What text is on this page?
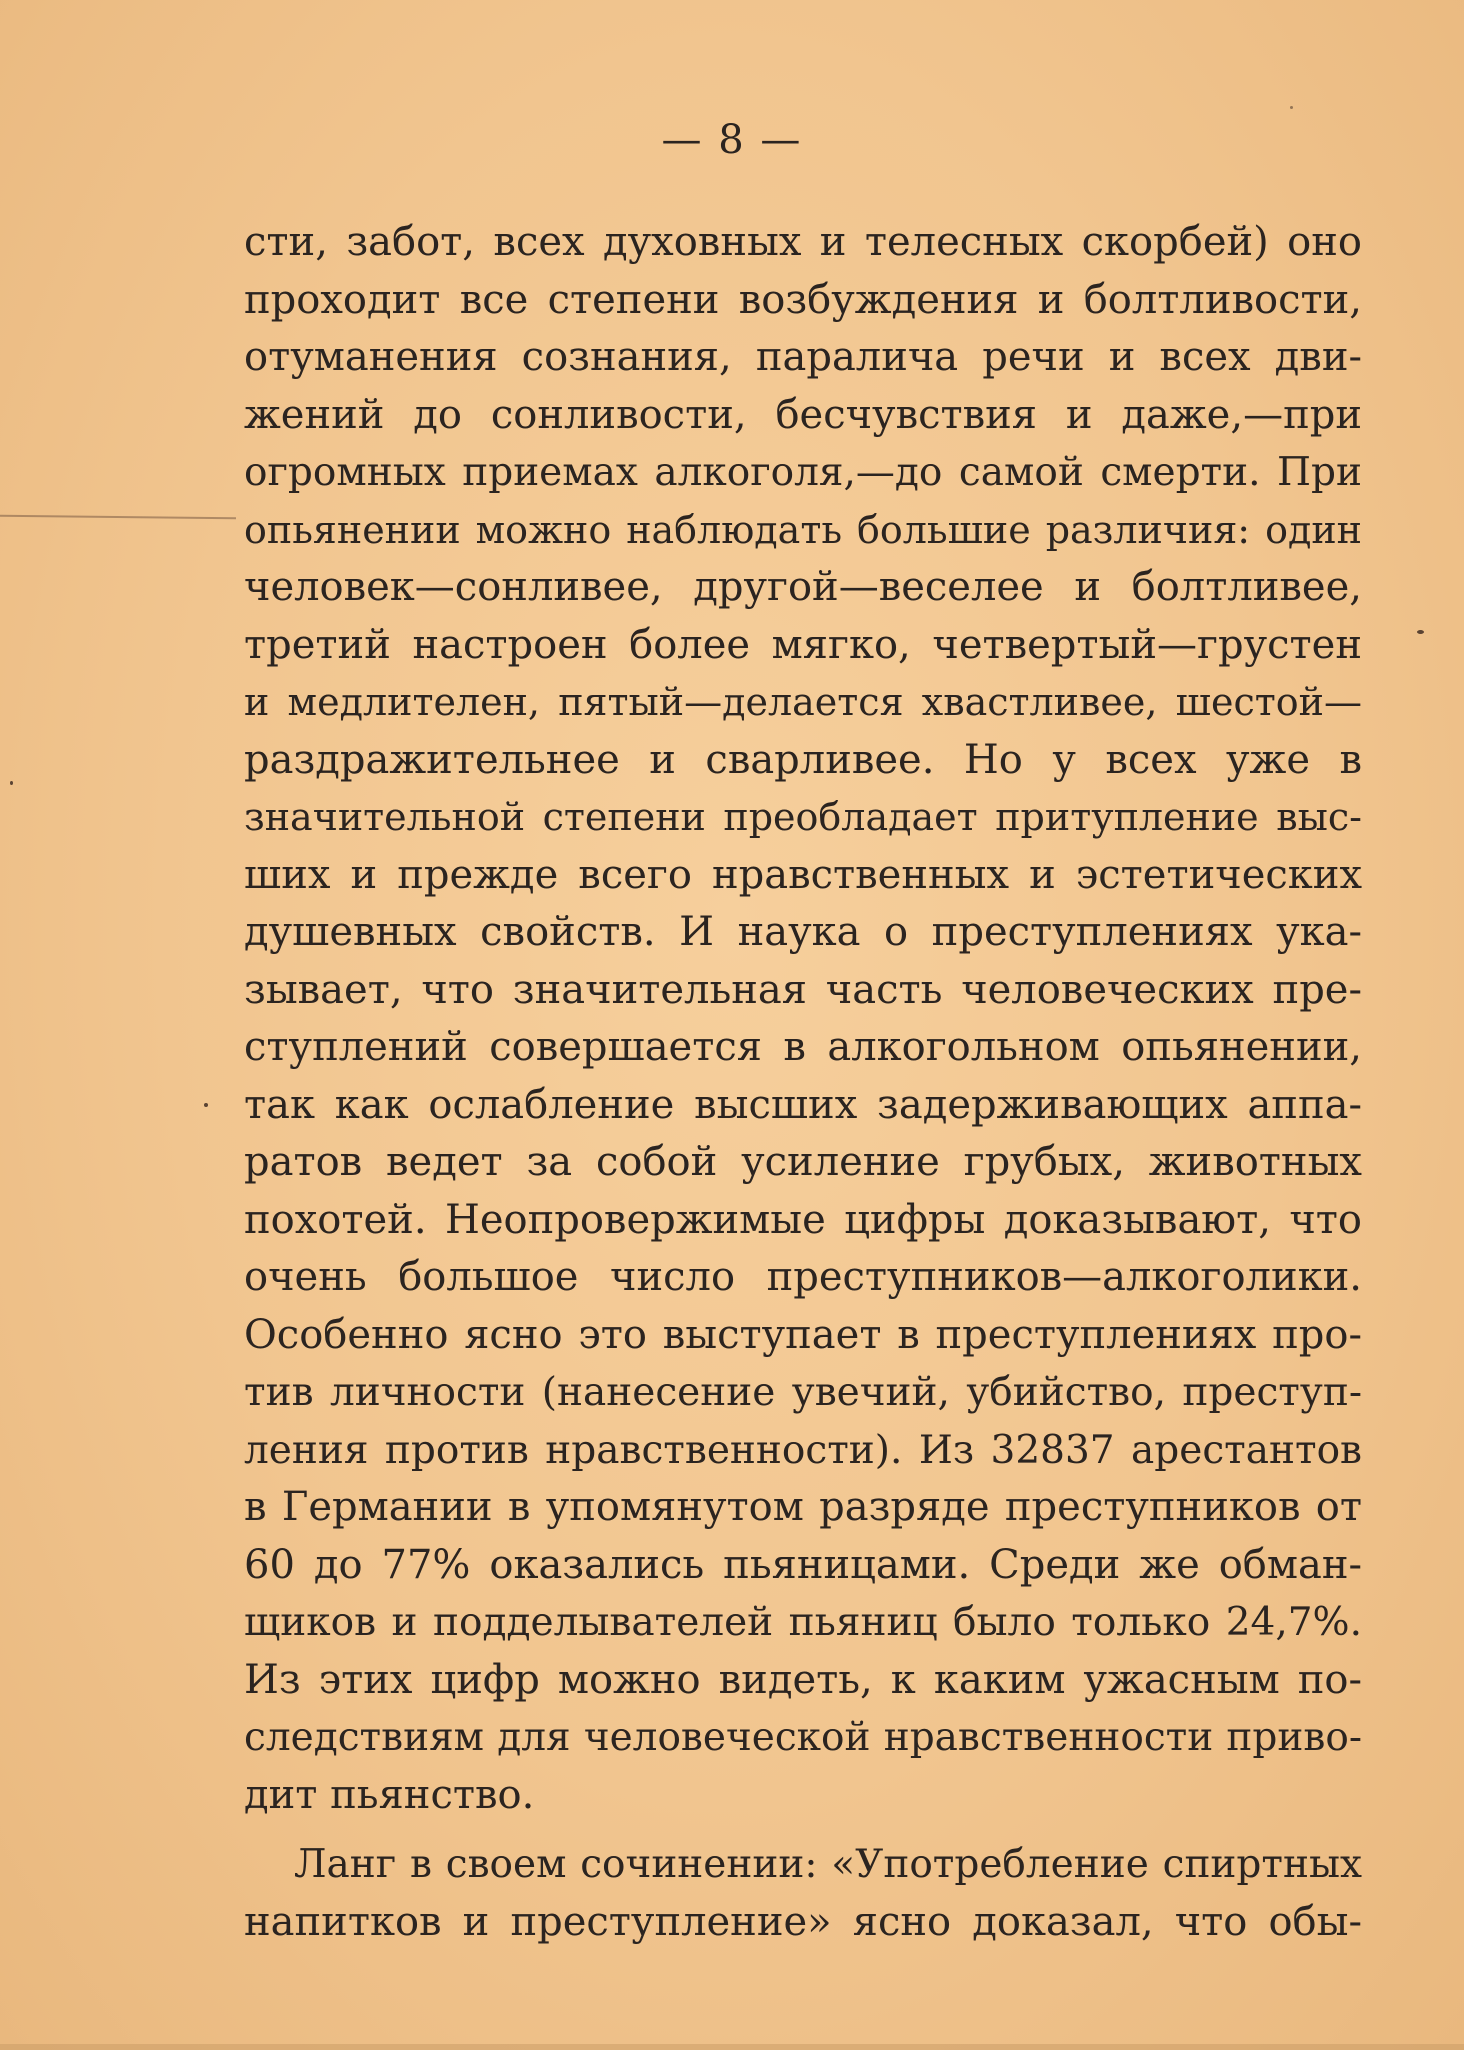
— 8 —
сти, забот, всех духовных и телесных скорбей) оно
проходит все степени возбуждения и болтливости,
отуманения сознания, паралича речи и всех дви-
жений до сонливости, бесчувствия и даже,—при
огромных приемах алкоголя,—до самой смерти. При
опьянении можно наблюдать большие различия: один
человек—сонливее, другой—веселее и болтливее,
третий настроен более мягко, четвертый—грустен
и медлителен, пятый—делается хвастливее, шестой—
раздражительнее и сварливее. Но у всех уже в
значительной степени преобладает притупление выс-
ших и прежде всего нравственных и эстетических
душевных свойств. И наука о преступлениях ука-
зывает, что значительная часть человеческих пре-
ступлений совершается в алкогольном опьянении,
так как ослабление высших задерживающих аппа-
ратов ведет за собой усиление грубых, животных
похотей. Неопровержимые цифры доказывают, что
очень большое число преступников—алкоголики.
Особенно ясно это выступает в преступлениях про-
тив личности (нанесение увечий, убийство, преступ-
ления против нравственности). Из 32837 арестантов
в Германии в упомянутом разряде преступников от
60 до 77% оказались пьяницами. Среди же обман-
щиков и подделывателей пьяниц было только 24,7%.
Из этих цифр можно видеть, к каким ужасным по-
следствиям для человеческой нравственности приво-
дит пьянство.
Ланг в своем сочинении: «Употребление спиртных
напитков и преступление» ясно доказал, что обы-
